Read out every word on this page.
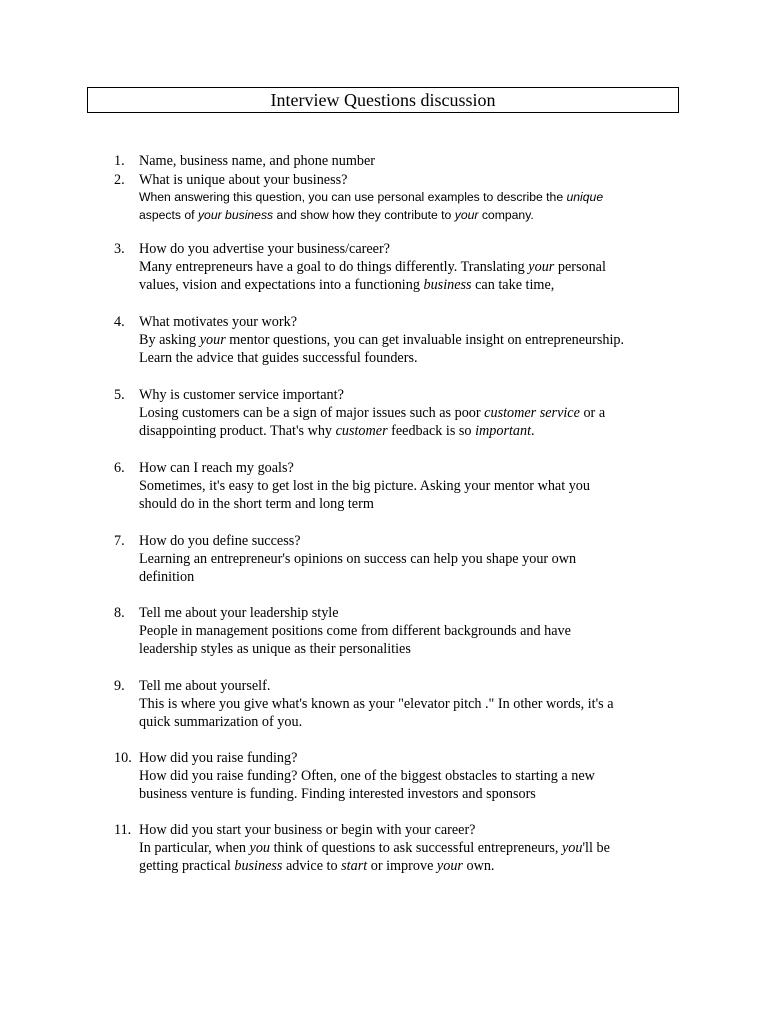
Interview Questions discussion
1. Name, business name, and phone number
2. What is unique about your business?
When answering this question, you can use personal examples to describe the unique
aspects of your business and show how they contribute to your company.
3. How do you advertise your business/career?
Many entrepreneurs have a goal to do things differently. Translating your personal
values, vision and expectations into a functioning business can take time,
4. What motivates your work?
By asking your mentor questions, you can get invaluable insight on entrepreneurship.
Learn the advice that guides successful founders.
5. Why is customer service important?
Losing customers can be a sign of major issues such as poor customer service or a
disappointing product. That's why customer feedback is so important.
6. How can I reach my goals?
Sometimes, it's easy to get lost in the big picture. Asking your mentor what you
should do in the short term and long term
7. How do you define success?
Learning an entrepreneur's opinions on success can help you shape your own
definition
8. Tell me about your leadership style
People in management positions come from different backgrounds and have
leadership styles as unique as their personalities
9. Tell me about yourself.
This is where you give what's known as your "elevator pitch ." In other words, it's a
quick summarization of you.
10. How did you raise funding?
How did you raise funding? Often, one of the biggest obstacles to starting a new
business venture is funding. Finding interested investors and sponsors
11. How did you start your business or begin with your career?
In particular, when you think of questions to ask successful entrepreneurs, you'll be
getting practical business advice to start or improve your own.
